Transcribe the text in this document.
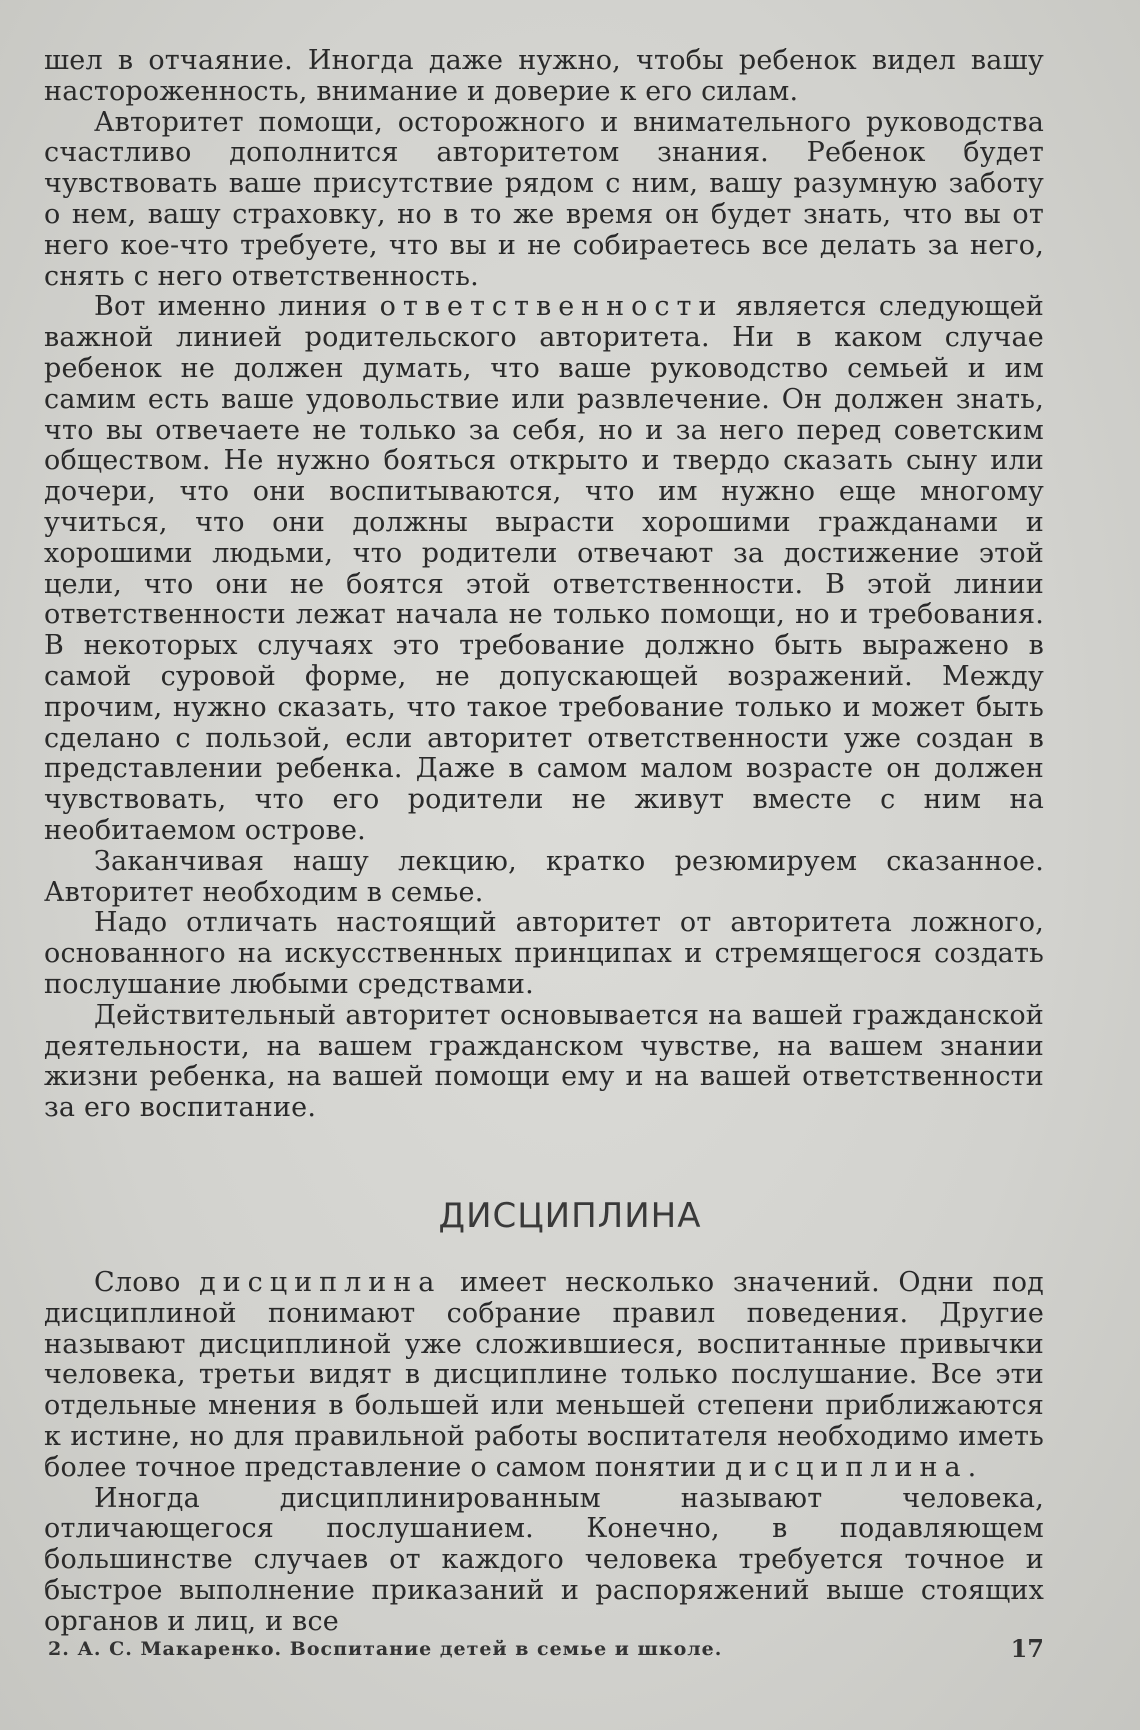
шел в отчаяние. Иногда даже нужно, чтобы ребенок видел вашу настороженность, внимание и доверие к его силам.

Авторитет помощи, осторожного и внимательного руководства счастливо дополнится авторитетом знания. Ребенок будет чувствовать ваше присутствие рядом с ним, вашу разумную заботу о нем, вашу страховку, но в то же время он будет знать, что вы от него кое-что требуете, что вы и не собираетесь все делать за него, снять с него ответственность.

Вот именно линия ответственности является следующей важной линией родительского авторитета. Ни в каком случае ребенок не должен думать, что ваше руководство семьей и им самим есть ваше удовольствие или развлечение. Он должен знать, что вы отвечаете не только за себя, но и за него перед советским обществом. Не нужно бояться открыто и твердо сказать сыну или дочери, что они воспитываются, что им нужно еще многому учиться, что они должны вырасти хорошими гражданами и хорошими людьми, что родители отвечают за достижение этой цели, что они не боятся этой ответственности. В этой линии ответственности лежат начала не только помощи, но и требования. В некоторых случаях это требование должно быть выражено в самой суровой форме, не допускающей возражений. Между прочим, нужно сказать, что такое требование только и может быть сделано с пользой, если авторитет ответственности уже создан в представлении ребенка. Даже в самом малом возрасте он должен чувствовать, что его родители не живут вместе с ним на необитаемом острове.

Заканчивая нашу лекцию, кратко резюмируем сказанное. Авторитет необходим в семье.

Надо отличать настоящий авторитет от авторитета ложного, основанного на искусственных принципах и стремящегося создать послушание любыми средствами.

Действительный авторитет основывается на вашей гражданской деятельности, на вашем гражданском чувстве, на вашем знании жизни ребенка, на вашей помощи ему и на вашей ответственности за его воспитание.

ДИСЦИПЛИНА

Слово дисциплина имеет несколько значений. Одни под дисциплиной понимают собрание правил поведения. Другие называют дисциплиной уже сложившиеся, воспитанные привычки человека, третьи видят в дисциплине только послушание. Все эти отдельные мнения в большей или меньшей степени приближаются к истине, но для правильной работы воспитателя необходимо иметь более точное представление о самом понятии дисциплина.

Иногда дисциплинированным называют человека, отличающегося послушанием. Конечно, в подавляющем большинстве случаев от каждого человека требуется точное и быстрое выполнение приказаний и распоряжений выше стоящих органов и лиц, и все

2. А. С. Макаренко. Воспитание детей в семье и школе.	17
